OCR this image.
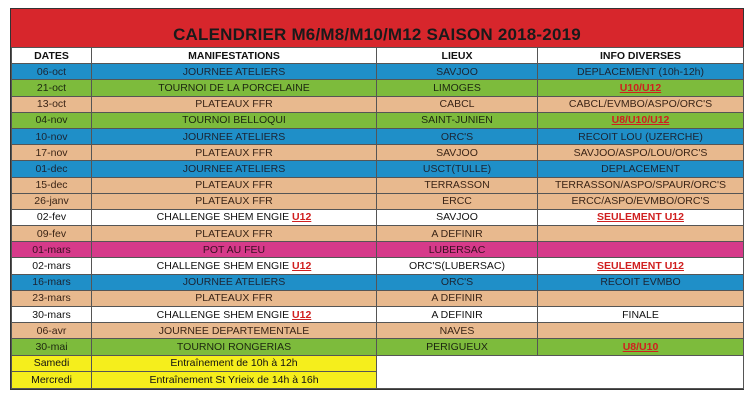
CALENDRIER M6/M8/M10/M12 SAISON 2018-2019
DATES	MANIFESTATIONS	LIEUX	INFO DIVERSES
06-oct	JOURNEE ATELIERS	SAVJOO	DEPLACEMENT (10h-12h)
21-oct	TOURNOI DE LA PORCELAINE	LIMOGES	U10/U12
13-oct	PLATEAUX FFR	CABCL	CABCL/EVMBO/ASPO/ORC'S
04-nov	TOURNOI BELLOQUI	SAINT-JUNIEN	U8/U10/U12
10-nov	JOURNEE ATELIERS	ORC'S	RECOIT LOU (UZERCHE)
17-nov	PLATEAUX FFR	SAVJOO	SAVJOO/ASPO/LOU/ORC'S
01-dec	JOURNEE ATELIERS	USCT(TULLE)	DEPLACEMENT
15-dec	PLATEAUX FFR	TERRASSON	TERRASSON/ASPO/SPAUR/ORC'S
26-janv	PLATEAUX FFR	ERCC	ERCC/ASPO/EVMBO/ORC'S
02-fev	CHALLENGE SHEM ENGIE U12	SAVJOO	SEULEMENT U12
09-fev	PLATEAUX FFR	A DEFINIR	
01-mars	POT AU FEU	LUBERSAC	
02-mars	CHALLENGE SHEM ENGIE U12	ORC'S(LUBERSAC)	SEULEMENT U12
16-mars	JOURNEE ATELIERS	ORC'S	RECOIT EVMBO
23-mars	PLATEAUX FFR	A DEFINIR	
30-mars	CHALLENGE SHEM ENGIE U12	A DEFINIR	FINALE
06-avr	JOURNEE DEPARTEMENTALE	NAVES	
30-mai	TOURNOI RONGERIAS	PERIGUEUX	U8/U10
Samedi	Entraînement de 10h à 12h		
Mercredi	Entraînement St Yrieix de 14h à 16h		
